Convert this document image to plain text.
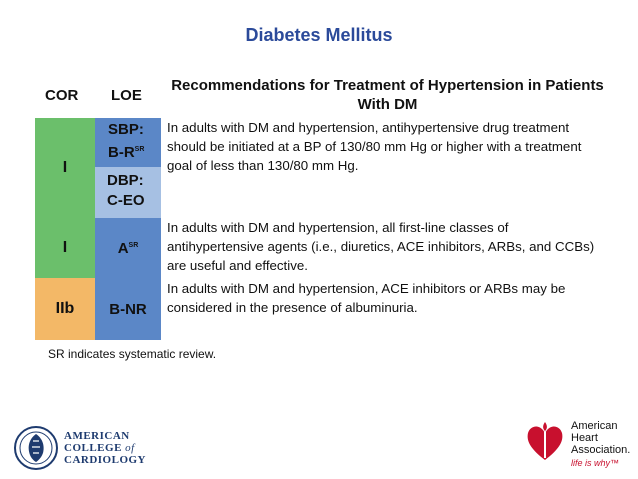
Diabetes Mellitus
COR LOE
Recommendations for Treatment of Hypertension in Patients With DM
I
SBP:
$B-R^{SR}$
DBP:
C-EO
In adults with DM and hypertension, antihypertensive drug treatment should be initiated at a BP of 130/80 mm Hg or higher with a treatment goal of less than 130/80 mm Hg.
I	$A^{SR}$
In adults with DM and hypertension, all first-line classes of antihypertensive agents (i.e., diuretics, ACE inhibitors, ARBs, and CCBs) are useful and effective.
IIb B-NR
In adults with DM and hypertension, ACE inhibitors or ARBs may be considered in the presence of albuminuria.
SR indicates systematic review.
AMERICAN
COLLEGE of
CARDIOLOGY
American
Heart
Association.
life is why™
